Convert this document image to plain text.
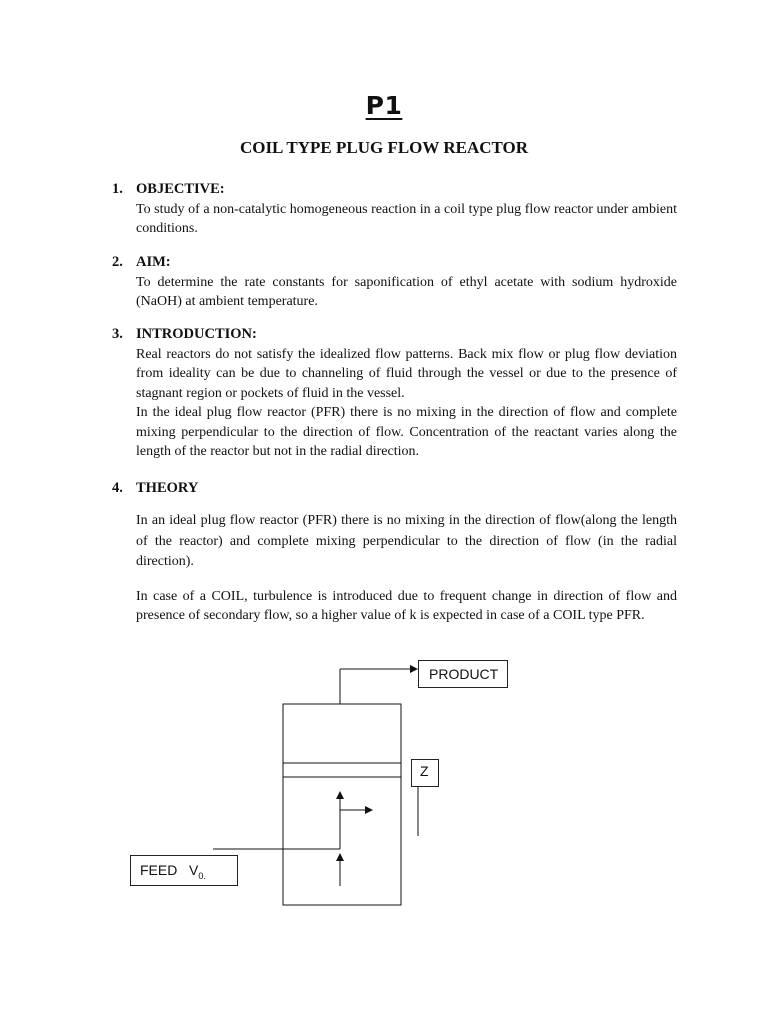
P1
COIL TYPE PLUG FLOW REACTOR
1. OBJECTIVE:

To study of a non-catalytic homogeneous reaction in a coil type plug flow reactor under ambient conditions.

2. AIM:

To determine the rate constants for saponification of ethyl acetate with sodium hydroxide (NaOH) at ambient temperature.

3. INTRODUCTION:

Real reactors do not satisfy the idealized flow patterns. Back mix flow or plug flow deviation from ideality can be due to channeling of fluid through the vessel or due to the presence of stagnant region or pockets of fluid in the vessel.

In the ideal plug flow reactor (PFR) there is no mixing in the direction of flow and complete mixing perpendicular to the direction of flow. Concentration of the reactant varies along the length of the reactor but not in the radial direction.

4. THEORY
In an ideal plug flow reactor (PFR) there is no mixing in the direction of flow(along the length of the reactor) and complete mixing perpendicular to the direction of flow (in the radial direction).
In case of a COIL, turbulence is introduced due to frequent change in direction of flow and presence of secondary flow, so a higher value of k is expected in case of a COIL type PFR.
PRODUCT
Z
FEED $V_{0.}$
